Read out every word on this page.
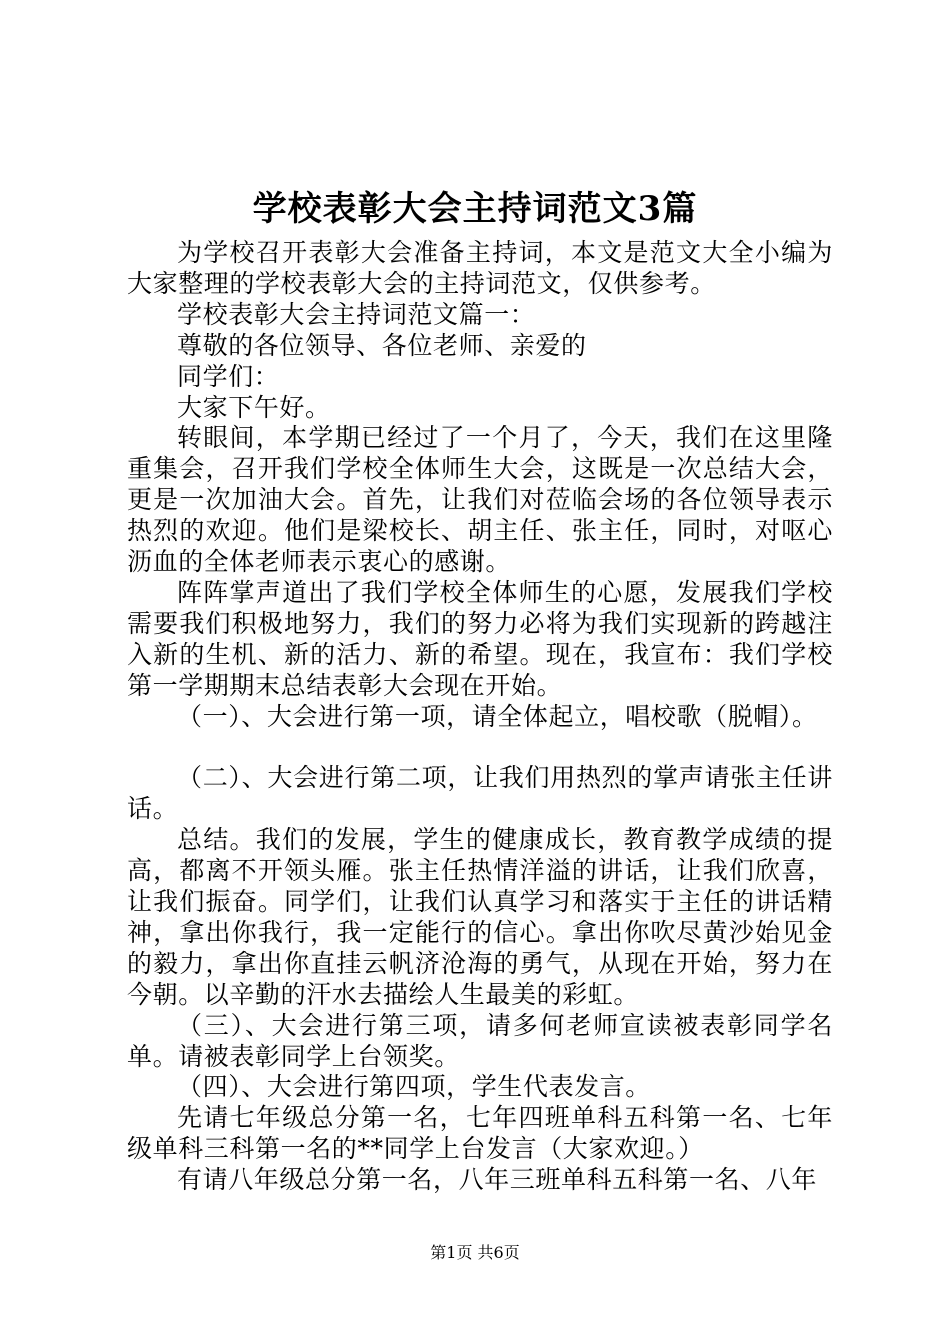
学校表彰大会主持词范文3篇

为学校召开表彰大会准备主持词，本文是范文大全小编为大家整理的学校表彰大会的主持词范文，仅供参考。

学校表彰大会主持词范文篇一：

尊敬的各位领导、各位老师、亲爱的

同学们：

大家下午好。

转眼间，本学期已经过了一个月了，今天，我们在这里隆重集会，召开我们学校全体师生大会，这既是一次总结大会，更是一次加油大会。首先，让我们对莅临会场的各位领导表示热烈的欢迎。他们是梁校长、胡主任、张主任，同时，对呕心沥血的全体老师表示衷心的感谢。

阵阵掌声道出了我们学校全体师生的心愿，发展我们学校需要我们积极地努力，我们的努力必将为我们实现新的跨越注入新的生机、新的活力、新的希望。现在，我宣布：我们学校第一学期期末总结表彰大会现在开始。

（一）、大会进行第一项，请全体起立，唱校歌（脱帽）。

（二）、大会进行第二项，让我们用热烈的掌声请张主任讲话。

总结。我们的发展，学生的健康成长，教育教学成绩的提高，都离不开领头雁。张主任热情洋溢的讲话，让我们欣喜，让我们振奋。同学们，让我们认真学习和落实于主任的讲话精神，拿出你我行，我一定能行的信心。拿出你吹尽黄沙始见金的毅力，拿出你直挂云帆济沧海的勇气，从现在开始，努力在今朝。以辛勤的汗水去描绘人生最美的彩虹。

（三）、大会进行第三项，请多何老师宣读被表彰同学名单。请被表彰同学上台领奖。

（四）、大会进行第四项，学生代表发言。

先请七年级总分第一名，七年四班单科五科第一名、七年级单科三科第一名的**同学上台发言（大家欢迎。）

有请八年级总分第一名，八年三班单科五科第一名、八年

第1页 共6页
